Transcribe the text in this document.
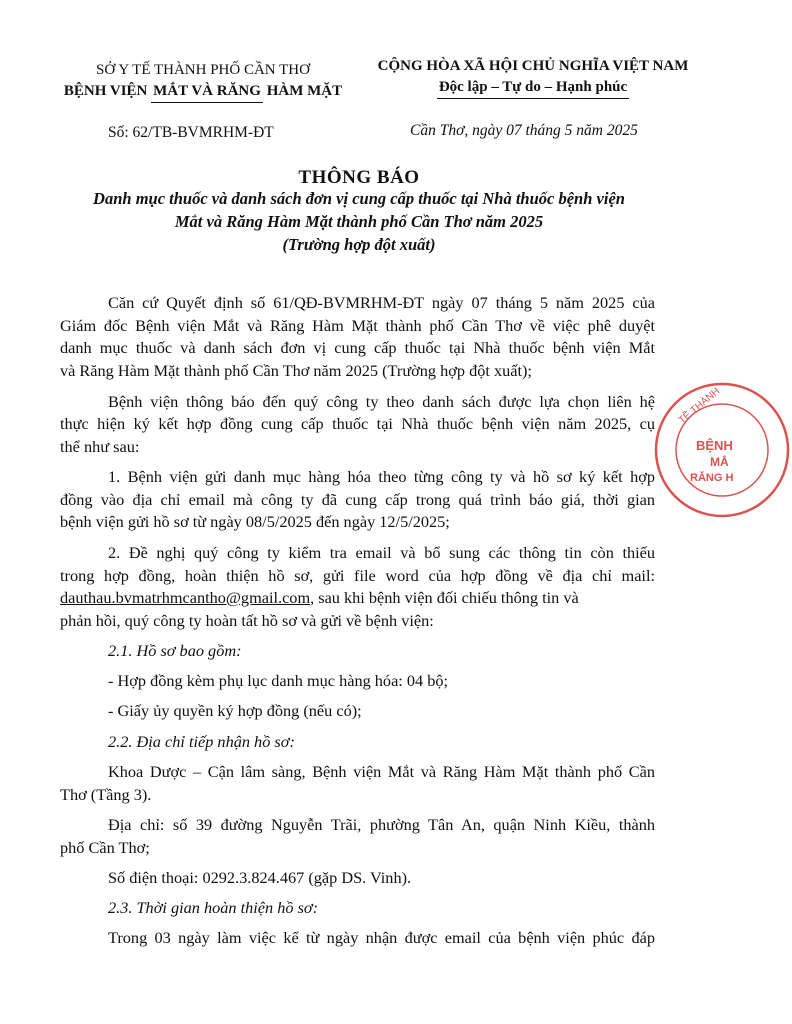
SỞ Y TẾ THÀNH PHỐ CẦN THƠ
BỆNH VIỆN MẮT VÀ RĂNG HÀM MẶT
CỘNG HÒA XÃ HỘI CHỦ NGHĨA VIỆT NAM
Độc lập – Tự do – Hạnh phúc
Số: 62/TB-BVMRHM-ĐT	Cần Thơ, ngày 07 tháng 5 năm 2025
THÔNG BÁO
Danh mục thuốc và danh sách đơn vị cung cấp thuốc tại Nhà thuốc bệnh viện
Mắt và Răng Hàm Mặt thành phố Cần Thơ năm 2025
(Trường hợp đột xuất)
Căn cứ Quyết định số 61/QĐ-BVMRHM-ĐT ngày 07 tháng 5 năm 2025 của
Giám đốc Bệnh viện Mắt và Răng Hàm Mặt thành phố Cần Thơ về việc phê duyệt
danh mục thuốc và danh sách đơn vị cung cấp thuốc tại Nhà thuốc bệnh viện Mắt
và Răng Hàm Mặt thành phố Cần Thơ năm 2025 (Trường hợp đột xuất);
Bệnh viện thông báo đến quý công ty theo danh sách được lựa chọn liên hệ
thực hiện ký kết hợp đồng cung cấp thuốc tại Nhà thuốc bệnh viện năm 2025, cụ
thể như sau:
1. Bệnh viện gửi danh mục hàng hóa theo từng công ty và hồ sơ ký kết hợp
đồng vào địa chỉ email mà công ty đã cung cấp trong quá trình báo giá, thời gian
bệnh viện gửi hồ sơ từ ngày 08/5/2025 đến ngày 12/5/2025;
2. Đề nghị quý công ty kiểm tra email và bổ sung các thông tin còn thiếu
trong hợp đồng, hoàn thiện hồ sơ, gửi file word của hợp đồng về địa chỉ mail:
dauthau.bvmatrhmcantho@gmail.com, sau khi bệnh viện đối chiếu thông tin và
phản hồi, quý công ty hoàn tất hồ sơ và gửi về bệnh viện:
2.1. Hồ sơ bao gồm:
- Hợp đồng kèm phụ lục danh mục hàng hóa: 04 bộ;
- Giấy ủy quyền ký hợp đồng (nếu có);
2.2. Địa chỉ tiếp nhận hồ sơ:
Khoa Dược – Cận lâm sàng, Bệnh viện Mắt và Răng Hàm Mặt thành phố Cần
Thơ (Tầng 3).
Địa chỉ: số 39 đường Nguyễn Trãi, phường Tân An, quận Ninh Kiều, thành
phố Cần Thơ;
Số điện thoại: 0292.3.824.467 (gặp DS. Vinh).
2.3. Thời gian hoàn thiện hồ sơ:
Trong 03 ngày làm việc kể từ ngày nhận được email của bệnh viện phúc đáp
TỀ THÀNH
BỆNH
MẮ
RĂNG H
